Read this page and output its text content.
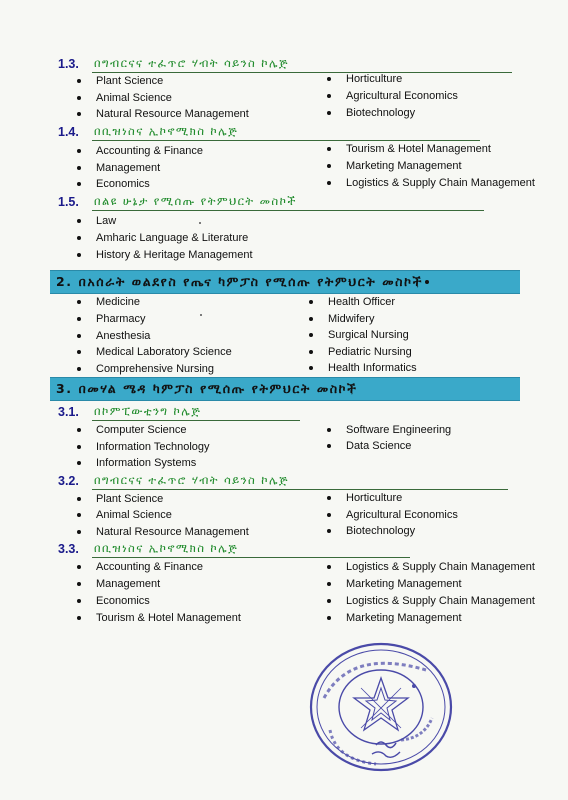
1.3.	በግብርናና ተፈጥሮ ሃብት ሳይንስ ኮሌጅ
Plant Science
Animal Science
Natural Resource Management
Horticulture
Agricultural Economics
Biotechnology
1.4.	በቢዝነስና ኢኮኖሚክስ ኮሌጅ
Accounting & Finance
Management
Economics
Tourism & Hotel Management
Marketing Management
Logistics & Supply Chain Management
1.5.	በልዩ ሁኔታ የሚሰጡ የትምህርት መስኮች
Law
Amharic Language & Literature
History & Heritage Management
2. በአሰራት ወልደየስ የጤና ካምፓስ የሚሰጡ የትምህርት መስኮች
Medicine
Pharmacy
Anesthesia
Medical Laboratory Science
Comprehensive Nursing
Health Officer
Midwifery
Surgical Nursing
Pediatric Nursing
Health Informatics
3. በመሃል ሜዳ ካምፓስ የሚሰጡ የትምህርት መስኮች
3.1.	በኮምፒውቲንግ ኮሌጅ
Computer Science
Information Technology
Information Systems
Software Engineering
Data Science
3.2.	በግብርናና ተፈጥሮ ሃብት ሳይንስ ኮሌጅ
Plant Science
Animal Science
Natural Resource Management
Horticulture
Agricultural Economics
Biotechnology
3.3.	በቢዝነስና ኢኮኖሚክስ ኮሌጅ
Accounting & Finance
Management
Economics
Tourism & Hotel Management
Logistics & Supply Chain Management
Marketing Management
Logistics & Supply Chain Management
Marketing Management
